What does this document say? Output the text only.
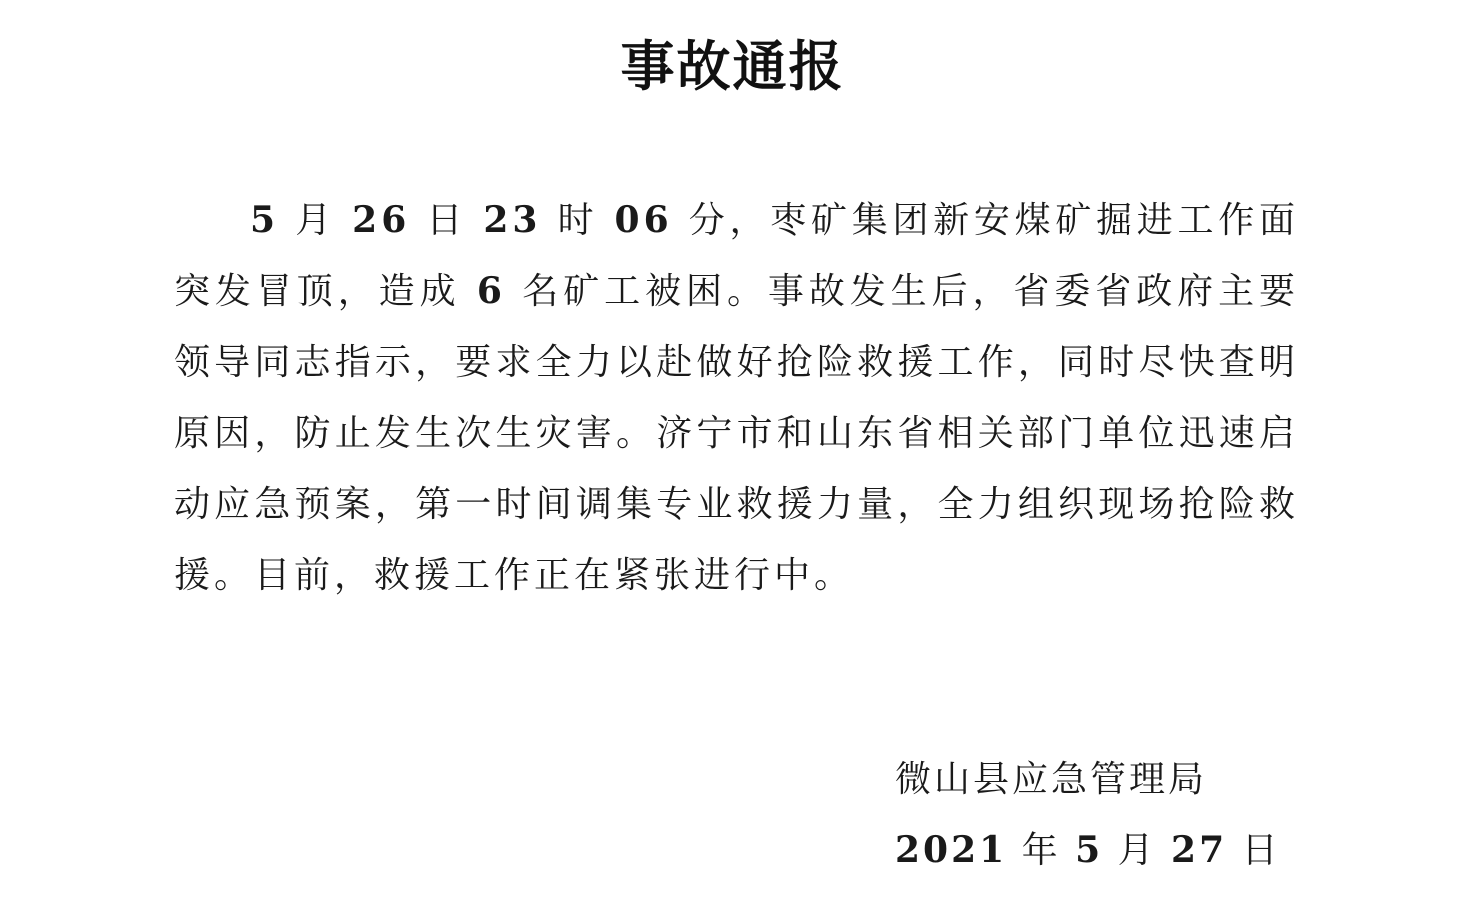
事故通报
5 月 26 日 23 时 06 分，枣矿集团新安煤矿掘进工作面突发冒顶，造成 6 名矿工被困。事故发生后，省委省政府主要领导同志指示，要求全力以赴做好抢险救援工作，同时尽快查明原因，防止发生次生灾害。济宁市和山东省相关部门单位迅速启动应急预案，第一时间调集专业救援力量，全力组织现场抢险救援。目前，救援工作正在紧张进行中。
微山县应急管理局
2021 年 5 月 27 日
